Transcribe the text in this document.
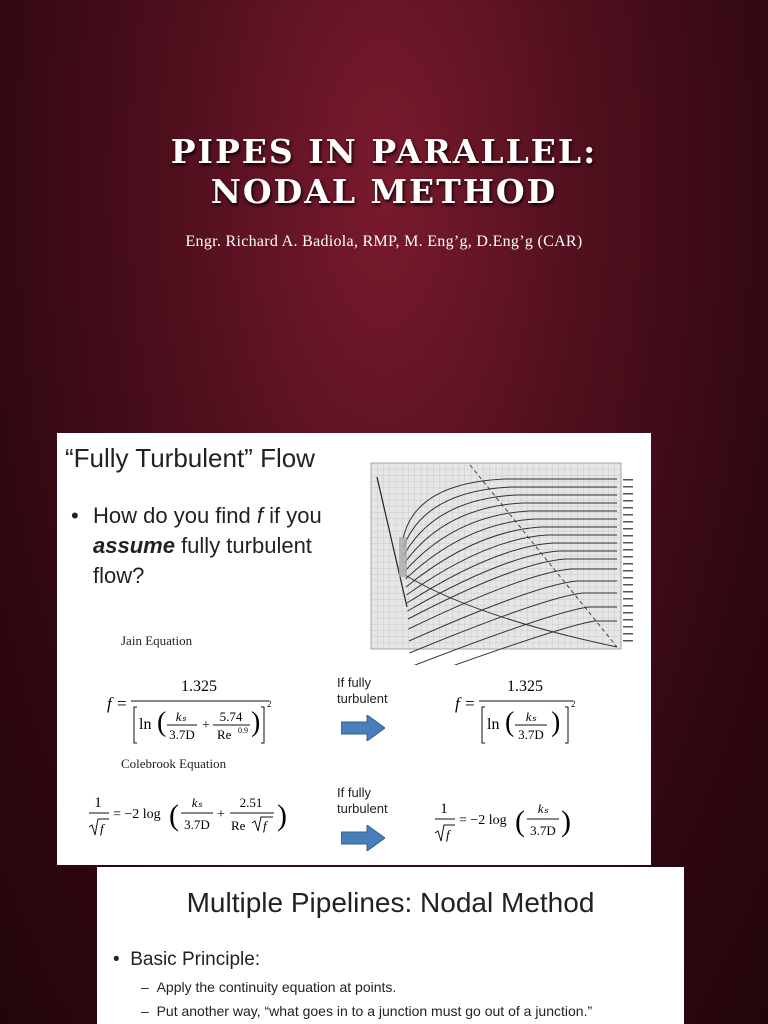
PIPES IN PARALLEL:
NODAL METHOD
Engr. Richard A. Badiola, RMP, M. Eng’g, D.Eng’g (CAR)
“Fully Turbulent” Flow
• How do you find f if you assume fully turbulent flow?
Jain Equation
f =
1.325
ln ( kₛ
3.7D
+
5.74
Re 0.9 )
2
If fully
turbulent	f =
1.325
ln ( kₛ
3.7D )
2
Colebrook Equation
1
f
= −2 log ( kₛ
3.7D
+
2.51
Re f )
If fully
turbulent	1
f
= −2 log ( kₛ
3.7D )
Multiple Pipelines: Nodal Method
•  Basic Principle:
–  Apply the continuity equation at points.
–  Put another way, “what goes in to a junction must go out of a junction.”
